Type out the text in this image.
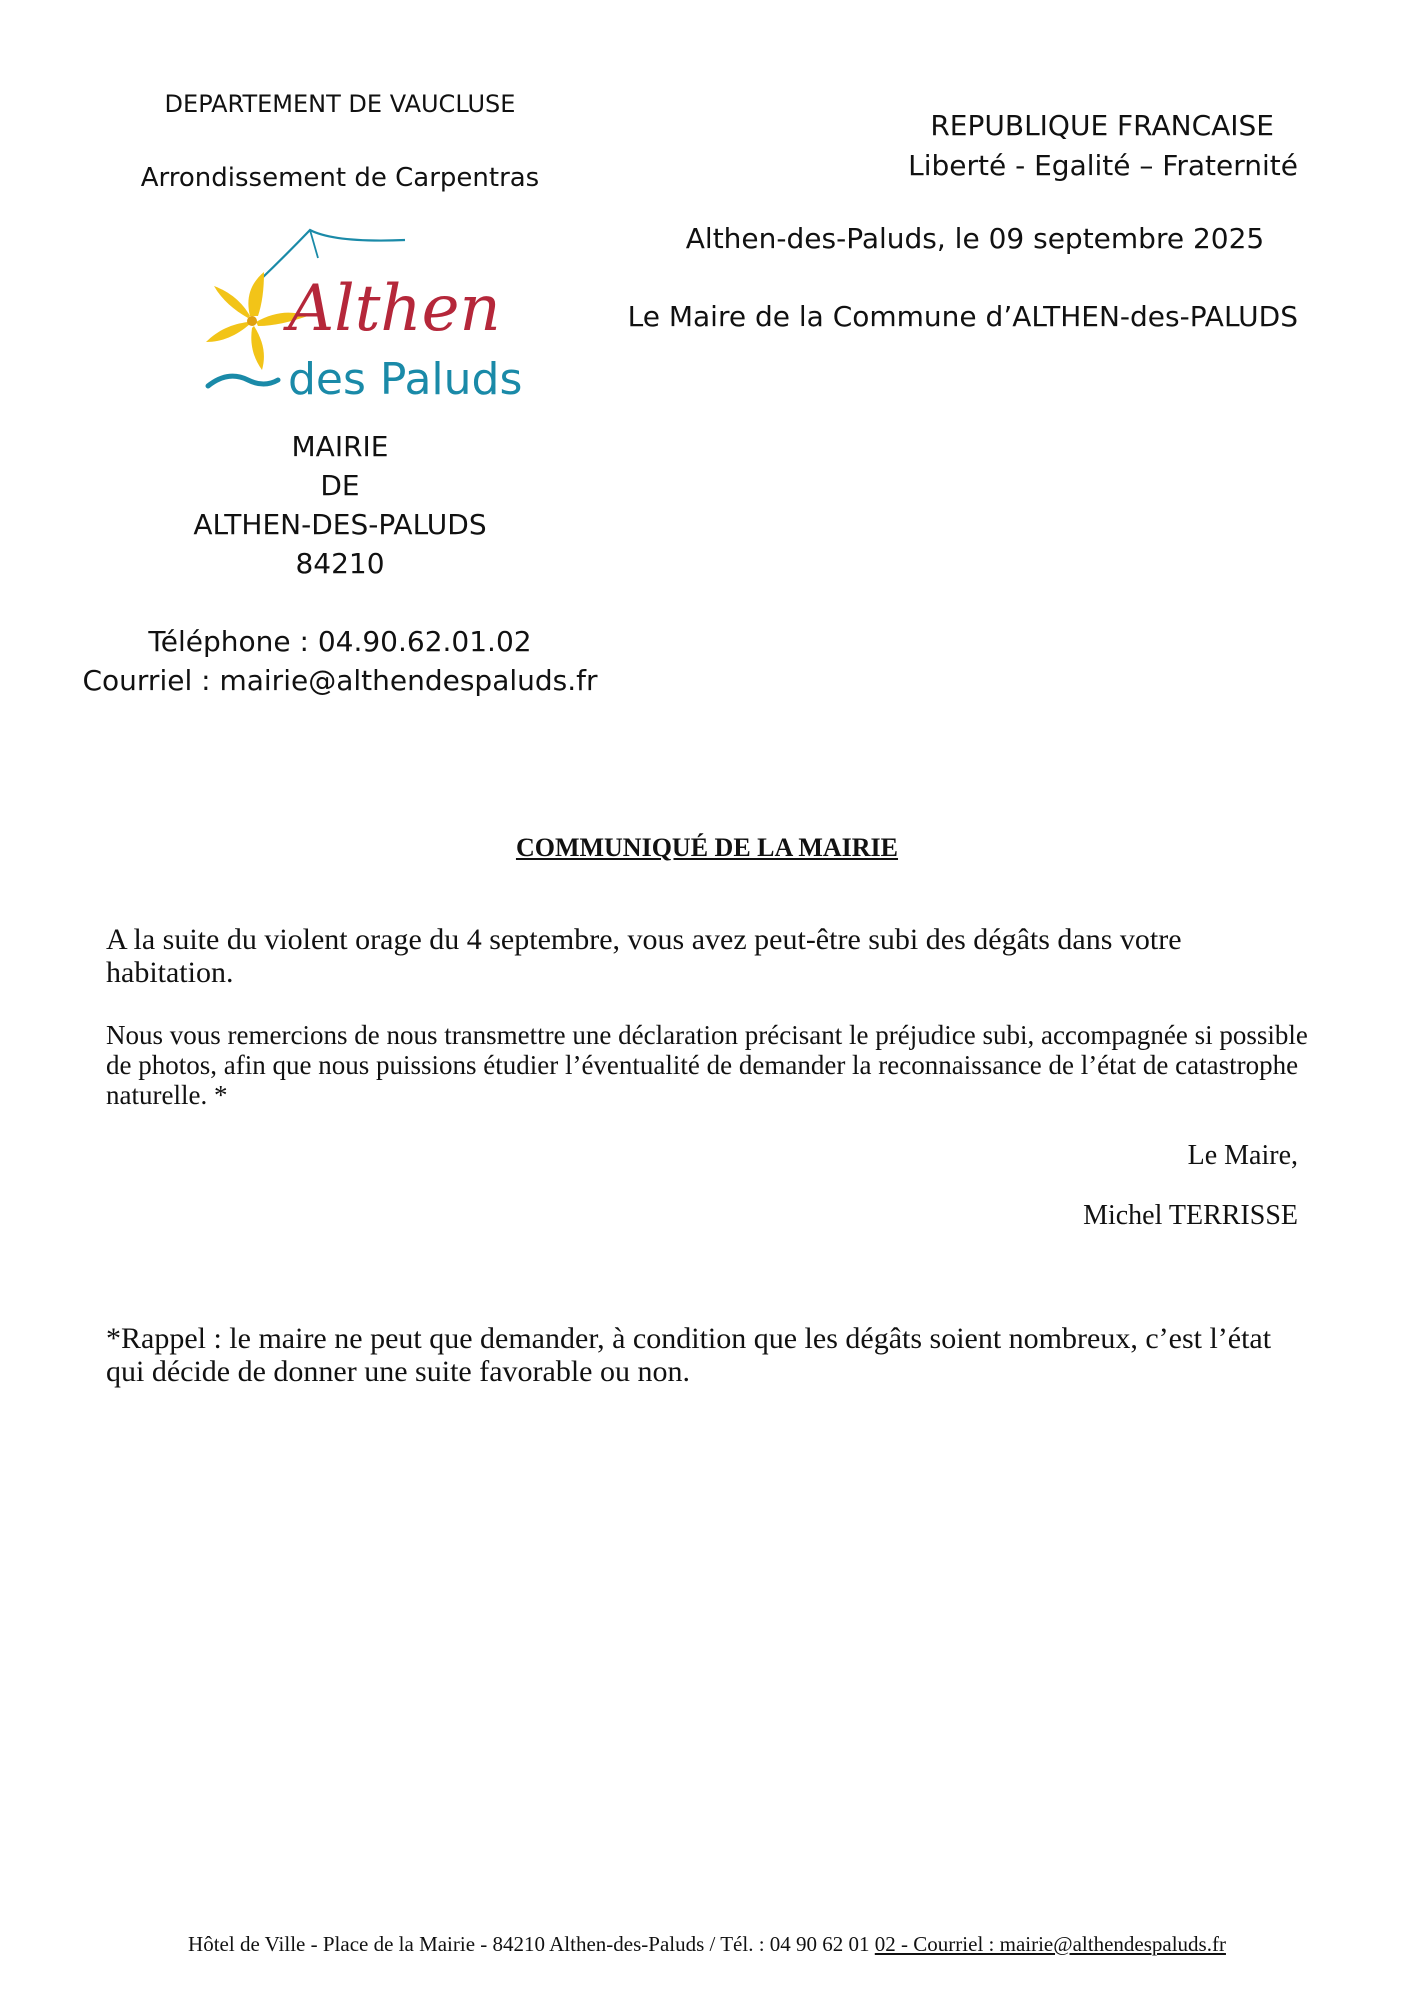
DEPARTEMENT DE VAUCLUSE
Arrondissement de Carpentras
Althen
des Paluds
MAIRIE
DE
ALTHEN-DES-PALUDS
84210
Téléphone : 04.90.62.01.02
Courriel : mairie@althendespaluds.fr
REPUBLIQUE FRANCAISE
Liberté - Egalité – Fraternité
Althen-des-Paluds, le 09 septembre 2025
Le Maire de la Commune d’ALTHEN-des-PALUDS
COMMUNIQUÉ DE LA MAIRIE
A la suite du violent orage du 4 septembre, vous avez peut-être subi des dégâts dans votre habitation.
Nous vous remercions de nous transmettre une déclaration précisant le préjudice subi, accompagnée si possible de photos, afin que nous puissions étudier l’éventualité de demander la reconnaissance de l’état de catastrophe naturelle. *
Le Maire,
Michel TERRISSE
*Rappel : le maire ne peut que demander, à condition que les dégâts soient nombreux, c’est l’état qui décide de donner une suite favorable ou non.
Hôtel de Ville - Place de la Mairie - 84210 Althen-des-Paluds / Tél. : 04 90 62 01 02 - Courriel : mairie@althendespaluds.fr
